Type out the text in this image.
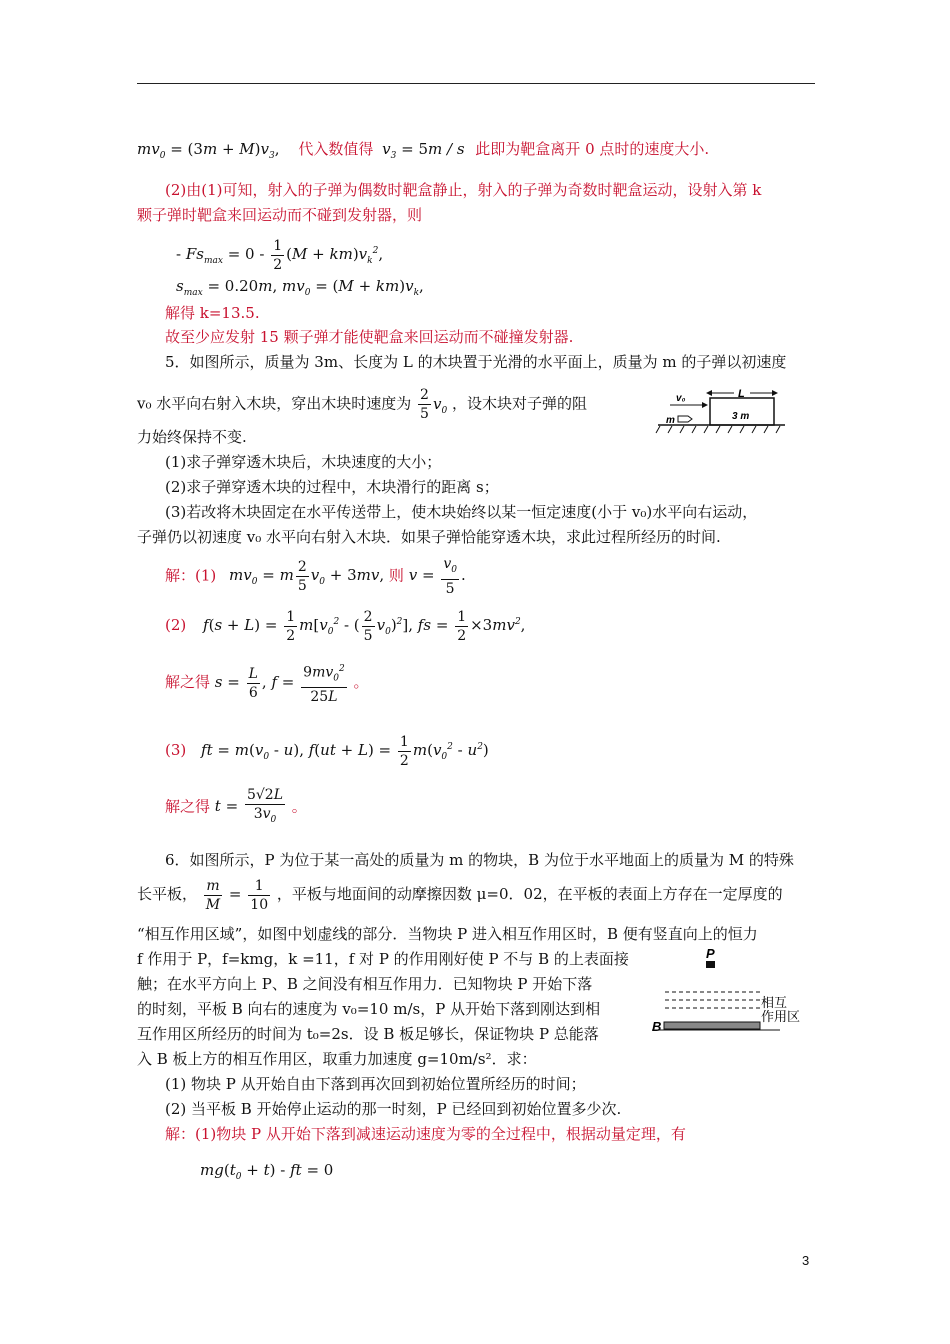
$mv_0 = (3m + M)v_3$, 代入数值得 $v_3 = 5m / s$ 此即为靶盒离开 0 点时的速度大小.
(2)由(1)可知，射入的子弹为偶数时靶盒静止，射入的子弹为奇数时靶盒运动，设射入第 k
颗子弹时靶盒来回运动而不碰到发射器，则
- $Fs_{max} = 0 - \frac{1}{2} (M + km)v_k^2$,
$s_{max} = 0.20m$, $mv_0 = (M + km)v_k$,
解得 k=13.5.
故至少应发射 15 颗子弹才能使靶盒来回运动而不碰撞发射器.
5．如图所示，质量为 3m、长度为 L 的木块置于光滑的水平面上，质量为 m 的子弹以初速度
v₀ 水平向右射入木块，穿出木块时速度为 $\frac{2}{5} v_0$ ，设木块对子弹的阻
力始终保持不变.
v₀	L
m	3 m
(1)求子弹穿透木块后，木块速度的大小；
(2)求子弹穿透木块的过程中，木块滑行的距离 s；
(3)若改将木块固定在水平传送带上，使木块始终以某一恒定速度(小于 v₀)水平向右运动，
子弹仍以初速度 v₀ 水平向右射入木块．如果子弹恰能穿透木块，求此过程所经历的时间.
解：(1) $mv_0 = m \frac{2}{5} v_0 + 3mv$, 则 $v = \frac{v_0}{5}$ .
(2) $f(s + L) = \frac{1}{2} m[v_0^2$ - ( $\frac{2}{5} v_0)^2$], fs = $\frac{1}{2} \times 3mv^2$,
解之得 $s = \frac{L}{6}$ , $f = \frac{9mv_0^2}{25L}$ 。
(3) ft = $m(v_0 - u)$, $f(ut + L) = \frac{1}{2} m(v_0^2 - u^2)$
解之得 $t = \frac{5√2L}{3v_0}$ 。
6．如图所示，P 为位于某一高处的质量为 m 的物块，B 为位于水平地面上的质量为 M 的特殊
长平板， $\frac{m}{M} = \frac{1}{10}$ ，平板与地面间的动摩擦因数 μ=0．02，在平板的表面上方存在一定厚度的
“相互作用区域”，如图中划虚线的部分．当物块 P 进入相互作用区时，B 便有竖直向上的恒力
f 作用于 P，f=kmg，k =11，f 对 P 的作用刚好使 P 不与 B 的上表面接
触；在水平方向上 P、B 之间没有相互作用力．已知物块 P 开始下落
的时刻，平板 B 向右的速度为 v₀=10 m/s，P 从开始下落到刚达到相
互作用区所经历的时间为 t₀=2s．设 B 板足够长，保证物块 P 总能落
入 B 板上方的相互作用区，取重力加速度 g=10m/s²．求：
P
相互
作用区
B
(1) 物块 P 从开始自由下落到再次回到初始位置所经历的时间；
(2) 当平板 B 开始停止运动的那一时刻，P 已经回到初始位置多少次.
解：(1)物块 P 从开始下落到减速运动速度为零的全过程中，根据动量定理，有
$mg(t_0 + t)$ - ft = 0
3
